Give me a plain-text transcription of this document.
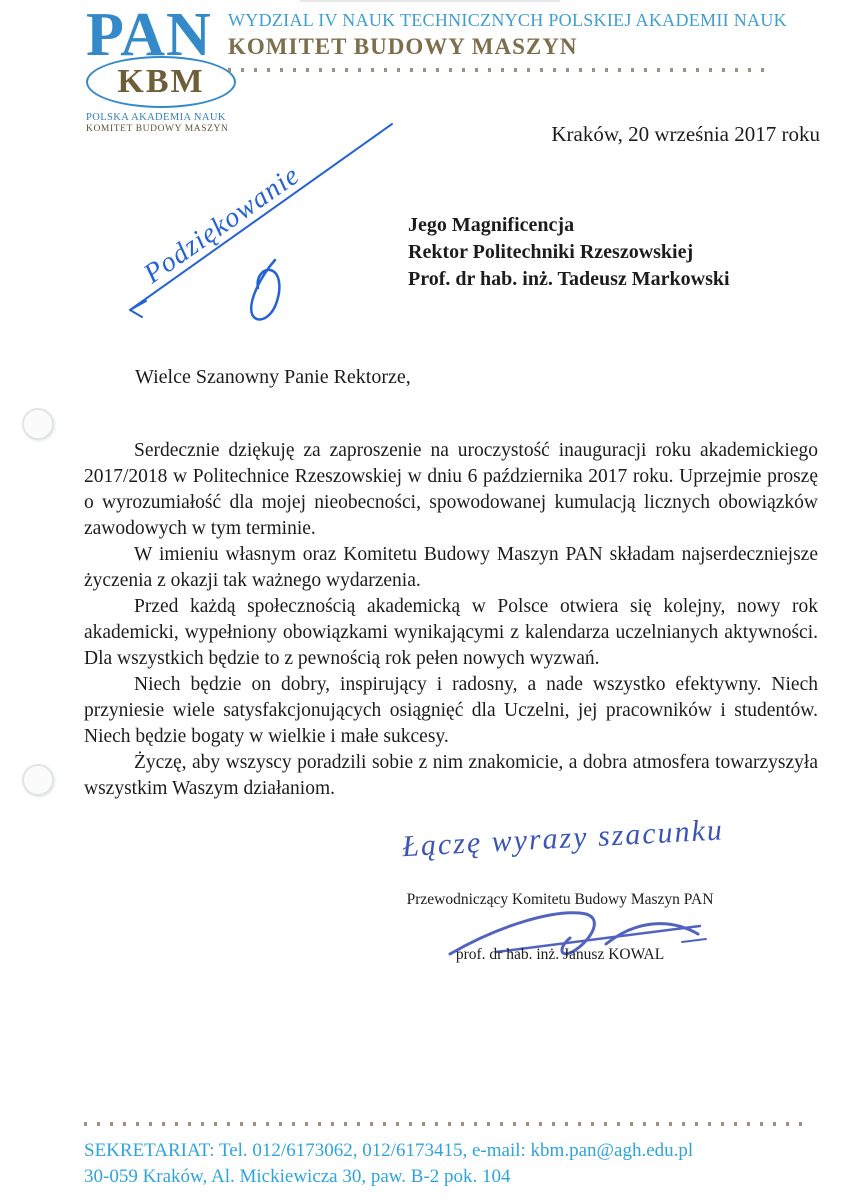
PAN
KBM
POLSKA AKADEMIA NAUK
KOMITET BUDOWY MASZYN
WYDZIAL IV NAUK TECHNICZNYCH POLSKIEJ AKADEMII NAUK
KOMITET BUDOWY MASZYN
Kraków, 20 września 2017 roku
Podziękowanie	Jego Magnificencja
Rektor Politechniki Rzeszowskiej
Prof. dr hab. inż. Tadeusz Markowski
Wielce Szanowny Panie Rektorze,

Serdecznie dziękuję za zaproszenie na uroczystość inauguracji roku akademickiego 2017/2018 w Politechnice Rzeszowskiej w dniu 6 października 2017 roku. Uprzejmie proszę o wyrozumiałość dla mojej nieobecności, spowodowanej kumulacją licznych obowiązków zawodowych w tym terminie.

W imieniu własnym oraz Komitetu Budowy Maszyn PAN składam najserdeczniejsze życzenia z okazji tak ważnego wydarzenia.

Przed każdą społecznością akademicką w Polsce otwiera się kolejny, nowy rok akademicki, wypełniony obowiązkami wynikającymi z kalendarza uczelnianych aktywności. Dla wszystkich będzie to z pewnością rok pełen nowych wyzwań.

Niech będzie on dobry, inspirujący i radosny, a nade wszystko efektywny. Niech przyniesie wiele satysfakcjonujących osiągnięć dla Uczelni, jej pracowników i studentów. Niech będzie bogaty w wielkie i małe sukcesy.

Życzę, aby wszyscy poradzili sobie z nim znakomicie, a dobra atmosfera towarzyszyła wszystkim Waszym działaniom.

Łączę wyrazy szacunku
Przewodniczący Komitetu Budowy Maszyn PAN
prof. dr hab. inż. Janusz KOWAL
SEKRETARIAT: Tel. 012/6173062, 012/6173415, e-mail: kbm.pan@agh.edu.pl
30-059 Kraków, Al. Mickiewicza 30, paw. B-2 pok. 104
